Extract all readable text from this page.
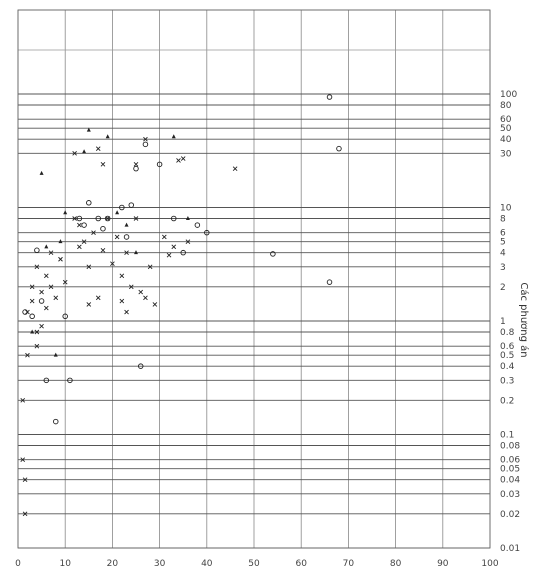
0	10	20	30	40	50	60	70	80	90	100
0.01
0.02
0.03
0.04
0.05
0.06
0.08
0.1
0.2
0.3
0.4
0.5
0.6
0.8
1
2
3
4
5
6
8
10
30
40
50
60
80
100
Các phương án
